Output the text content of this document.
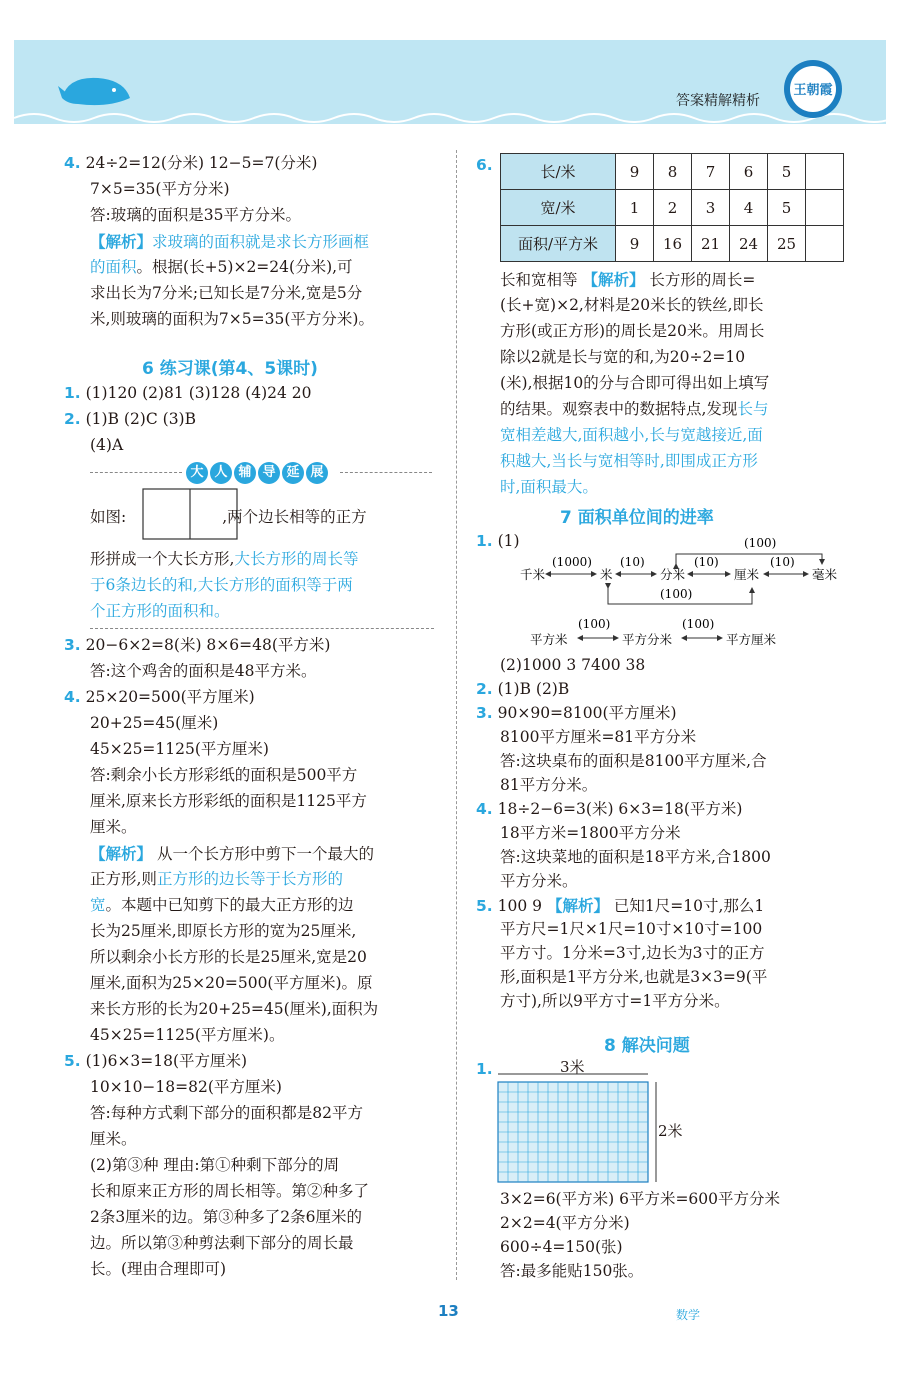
答案精解精析
王朝霞
4. 24÷2=12(分米) 12−5=7(分米)
7×5=35(平方分米)
答:玻璃的面积是35平方分米。
【解析】求玻璃的面积就是求长方形画框
的面积。根据(长+5)×2=24(分米),可
求出长为7分米;已知长是7分米,宽是5分
米,则玻璃的面积为7×5=35(平方分米)。
6 练习课(第4、5课时)
1. (1)120 (2)81 (3)128 (4)24 20
2. (1)B (2)C (3)B
(4)A
大 人 辅 导 延 展
如图:	,两个边长相等的正方
形拼成一个大长方形,大长方形的周长等
于6条边长的和,大长方形的面积等于两
个正方形的面积和。
3. 20−6×2=8(米) 8×6=48(平方米)
答:这个鸡舍的面积是48平方米。
4. 25×20=500(平方厘米)
20+25=45(厘米)
45×25=1125(平方厘米)
答:剩余小长方形彩纸的面积是500平方
厘米,原来长方形彩纸的面积是1125平方
厘米。
【解析】 从一个长方形中剪下一个最大的
正方形,则正方形的边长等于长方形的
宽。本题中已知剪下的最大正方形的边
长为25厘米,即原长方形的宽为25厘米,
所以剩余小长方形的长是25厘米,宽是20
厘米,面积为25×20=500(平方厘米)。原
来长方形的长为20+25=45(厘米),面积为
45×25=1125(平方厘米)。
5. (1)6×3=18(平方厘米)
10×10−18=82(平方厘米)
答:每种方式剩下部分的面积都是82平方
厘米。
(2)第③种 理由:第①种剩下部分的周
长和原来正方形的周长相等。第②种多了
2条3厘米的边。第③种多了2条6厘米的
边。所以第③种剪法剩下部分的周长最
长。(理由合理即可)
6.	长/米	9	8	7	6	5	
宽/米	1	2	3	4	5	
面积/平方米	9	16	21	24	25	
长和宽相等 【解析】 长方形的周长=
(长+宽)×2,材料是20米长的铁丝,即长
方形(或正方形)的周长是20米。用周长
除以2就是长与宽的和,为20÷2=10
(米),根据10的分与合即可得出如上填写
的结果。观察表中的数据特点,发现长与
宽相差越大,面积越小,长与宽越接近,面
积越大,当长与宽相等时,即围成正方形
时,面积最大。
7 面积单位间的进率
1. (1)
千米
(1000)
米
(10)
分米
(10)
厘米
(10)
毫米
(100)
(100)
平方米
(100)
平方分米
(100)
平方厘米
(2)1000 3 7400 38
2. (1)B (2)B
3. 90×90=8100(平方厘米)
8100平方厘米=81平方分米
答:这块桌布的面积是8100平方厘米,合
81平方分米。
4. 18÷2−6=3(米) 6×3=18(平方米)
18平方米=1800平方分米
答:这块菜地的面积是18平方米,合1800
平方分米。
5. 100 9 【解析】 已知1尺=10寸,那么1
平方尺=1尺×1尺=10寸×10寸=100
平方寸。1分米=3寸,边长为3寸的正方
形,面积是1平方分米,也就是3×3=9(平
方寸),所以9平方寸=1平方分米。
8 解决问题
1.	3米
2米
3×2=6(平方米) 6平方米=600平方分米
2×2=4(平方分米)
600÷4=150(张)
答:最多能贴150张。
13	数学
